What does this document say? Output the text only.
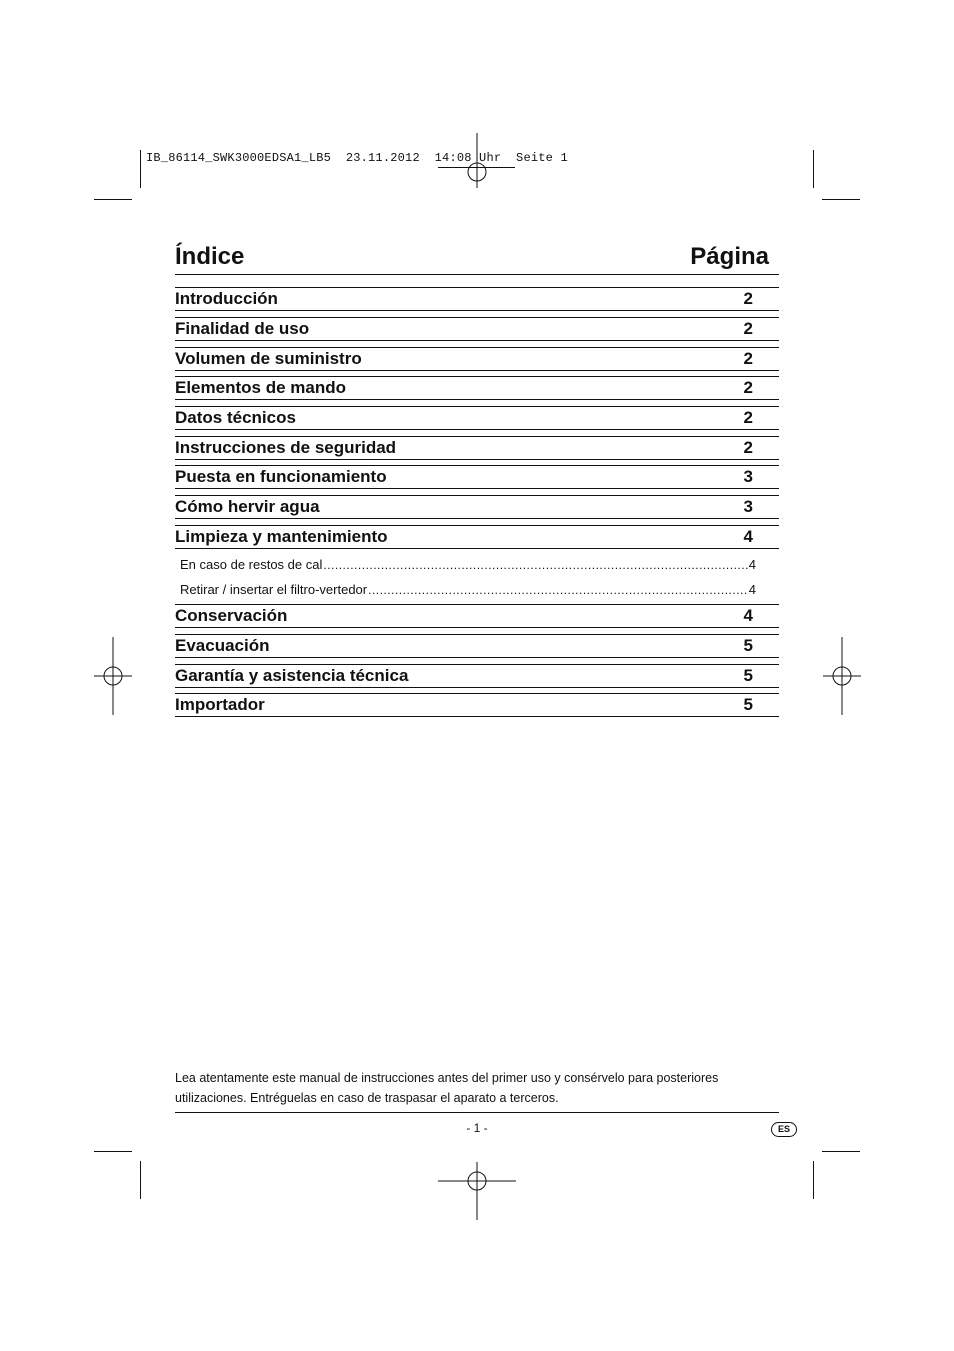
IB_86114_SWK3000EDSA1_LB5  23.11.2012  14:08 Uhr  Seite 1
Índice	Página
Introducción	2
Finalidad de uso	2
Volumen de suministro	2
Elementos de mando	2
Datos técnicos	2
Instrucciones de seguridad	2
Puesta en funcionamiento	3
Cómo hervir agua	3
Limpieza y mantenimiento	4
En caso de restos de cal .....	4
Retirar / insertar el filtro-vertedor .....	4
Conservación	4
Evacuación	5
Garantía y asistencia técnica	5
Importador	5
Lea atentamente este manual de instrucciones antes del primer uso y consérvelo para posteriores
utilizaciones. Entréguelas en caso de traspasar el aparato a terceros.
- 1 -	ES
